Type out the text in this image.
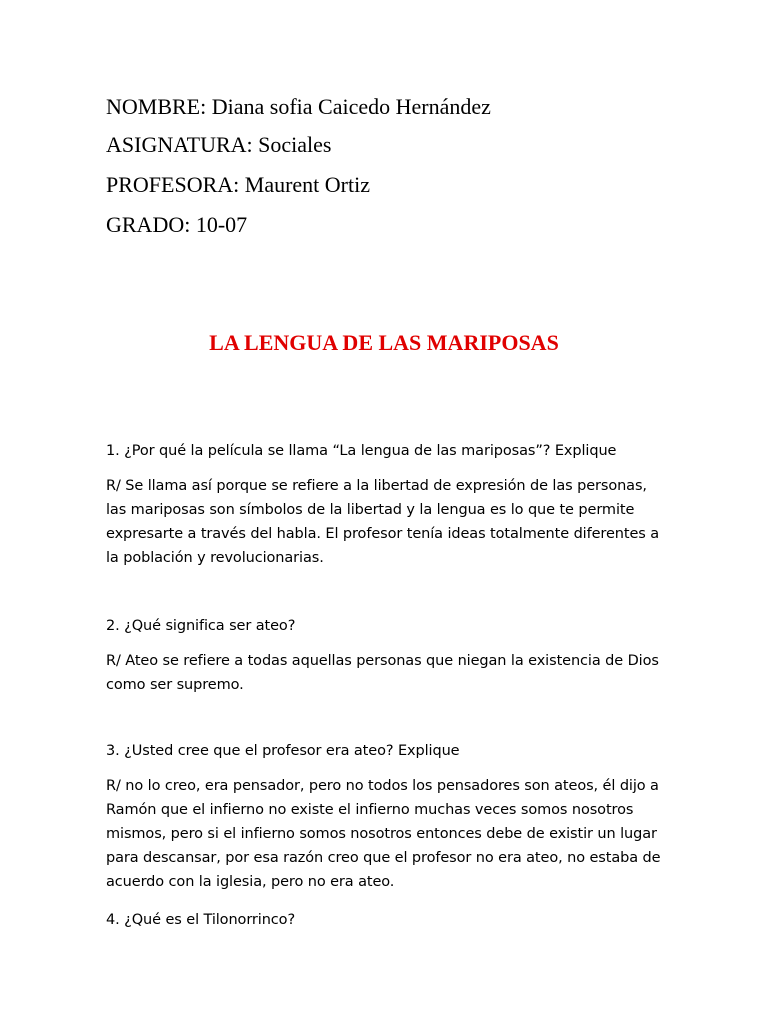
NOMBRE: Diana sofia Caicedo Hernández

ASIGNATURA: Sociales

PROFESORA: Maurent Ortiz

GRADO: 10-07

LA LENGUA DE LAS MARIPOSAS

1. ¿Por qué la película se llama “La lengua de las mariposas”? Explique

R/ Se llama así porque se refiere a la libertad de expresión de las personas,

las mariposas son símbolos de la libertad y la lengua es lo que te permite

expresarte a través del habla. El profesor tenía ideas totalmente diferentes a

la población y revolucionarias.

2. ¿Qué significa ser ateo?

R/ Ateo se refiere a todas aquellas personas que niegan la existencia de Dios

como ser supremo.

3. ¿Usted cree que el profesor era ateo? Explique

R/ no lo creo, era pensador, pero no todos los pensadores son ateos, él dijo a

Ramón que el infierno no existe el infierno muchas veces somos nosotros

mismos, pero si el infierno somos nosotros entonces debe de existir un lugar

para descansar, por esa razón creo que el profesor no era ateo, no estaba de

acuerdo con la iglesia, pero no era ateo.

4. ¿Qué es el Tilonorrinco?
